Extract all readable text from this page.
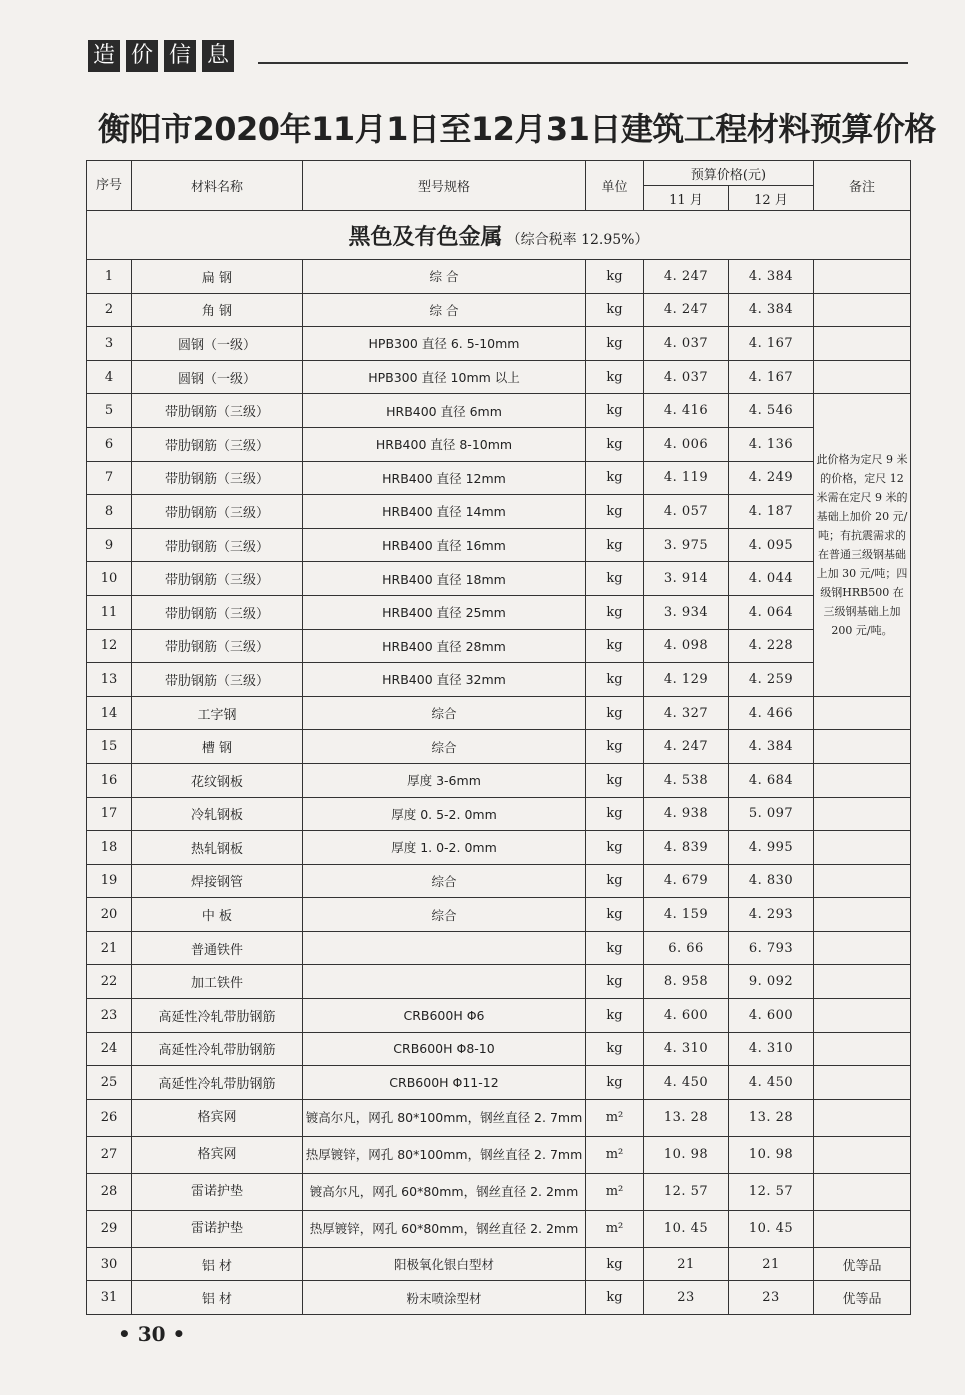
造 价 信 息
衡阳市2020年11月1日至12月31日建筑工程材料预算价格
序号	材料名称	型号规格	单位	预算价格(元)		备注
				11 月	12 月	
黑色及有色金属 （综合税率 12.95%）						
1	扁 钢	综 合	kg	4. 247	4. 384	
2	角 钢	综 合	kg	4. 247	4. 384	
3	圆钢（一级）	HPB300 直径 6. 5-10mm	kg	4. 037	4. 167	
4	圆钢（一级）	HPB300 直径 10mm 以上	kg	4. 037	4. 167	
5	带肋钢筋（三级）	HRB400 直径 6mm	kg	4. 416	4. 546	此价格为定尺 9 米的价格，定尺 12 米需在定尺 9 米的基础上加价 20 元/吨；有抗震需求的在普通三级钢基础上加 30 元/吨；四级钢HRB500 在三级钢基础上加 200 元/吨。
6	带肋钢筋（三级）	HRB400 直径 8-10mm	kg	4. 006	4. 136	
7	带肋钢筋（三级）	HRB400 直径 12mm	kg	4. 119	4. 249	
8	带肋钢筋（三级）	HRB400 直径 14mm	kg	4. 057	4. 187	
9	带肋钢筋（三级）	HRB400 直径 16mm	kg	3. 975	4. 095	
10	带肋钢筋（三级）	HRB400 直径 18mm	kg	3. 914	4. 044	
11	带肋钢筋（三级）	HRB400 直径 25mm	kg	3. 934	4. 064	
12	带肋钢筋（三级）	HRB400 直径 28mm	kg	4. 098	4. 228	
13	带肋钢筋（三级）	HRB400 直径 32mm	kg	4. 129	4. 259	
14	工字钢	综合	kg	4. 327	4. 466	
15	槽 钢	综合	kg	4. 247	4. 384	
16	花纹钢板	厚度 3-6mm	kg	4. 538	4. 684	
17	冷轧钢板	厚度 0. 5-2. 0mm	kg	4. 938	5. 097	
18	热轧钢板	厚度 1. 0-2. 0mm	kg	4. 839	4. 995	
19	焊接钢管	综合	kg	4. 679	4. 830	
20	中 板	综合	kg	4. 159	4. 293	
21	普通铁件		kg	6. 66	6. 793	
22	加工铁件		kg	8. 958	9. 092	
23	高延性冷轧带肋钢筋	CRB600H Φ6	kg	4. 600	4. 600	
24	高延性冷轧带肋钢筋	CRB600H Φ8-10	kg	4. 310	4. 310	
25	高延性冷轧带肋钢筋	CRB600H Φ11-12	kg	4. 450	4. 450	
26	格宾网	镀高尔凡，网孔 80*100mm，钢丝直径 2. 7mm	m²	13. 28	13. 28	
27	格宾网	热厚镀锌，网孔 80*100mm，钢丝直径 2. 7mm	m²	10. 98	10. 98	
28	雷诺护垫	镀高尔凡，网孔 60*80mm，钢丝直径 2. 2mm	m²	12. 57	12. 57	
29	雷诺护垫	热厚镀锌，网孔 60*80mm，钢丝直径 2. 2mm	m²	10. 45	10. 45	
30	铝 材	阳极氧化银白型材	kg	21	21	优等品
31	铝 材	粉末喷涂型材	kg	23	23	优等品
• 30 •
